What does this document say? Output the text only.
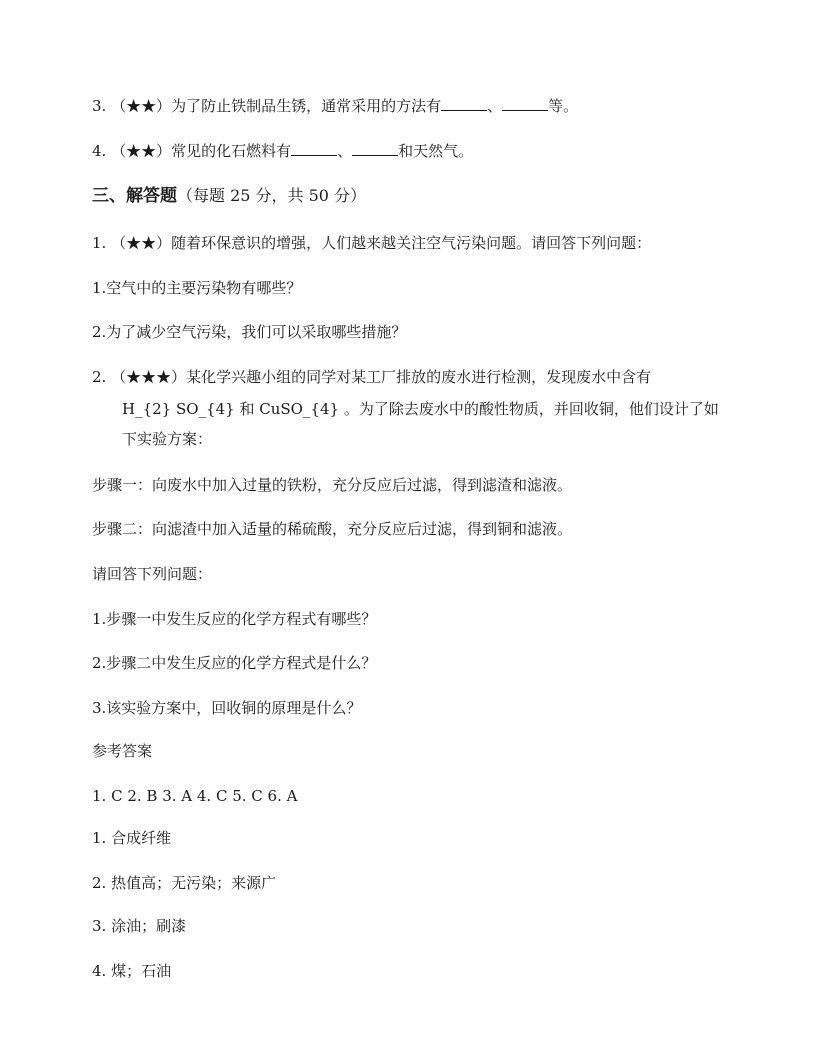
3. （★★）为了防止铁制品生锈，通常采用的方法有	、	等。
4. （★★）常见的化石燃料有	、	和天然气。
三、解答题（每题 25 分，共 50 分）
1. （★★）随着环保意识的增强，人们越来越关注空气污染问题。请回答下列问题：
1.空气中的主要污染物有哪些？
2.为了减少空气污染，我们可以采取哪些措施？
2. （★★★）某化学兴趣小组的同学对某工厂排放的废水进行检测，发现废水中含有
H_{2} SO_{4} 和 CuSO_{4} 。为了除去废水中的酸性物质，并回收铜，他们设计了如
下实验方案：
步骤一：向废水中加入过量的铁粉，充分反应后过滤，得到滤渣和滤液。
步骤二：向滤渣中加入适量的稀硫酸，充分反应后过滤，得到铜和滤液。
请回答下列问题：
1.步骤一中发生反应的化学方程式有哪些？
2.步骤二中发生反应的化学方程式是什么？
3.该实验方案中，回收铜的原理是什么？
参考答案
1. C 2. B 3. A 4. C 5. C 6. A
1. 合成纤维
2. 热值高；无污染；来源广
3. 涂油；刷漆
4. 煤；石油
